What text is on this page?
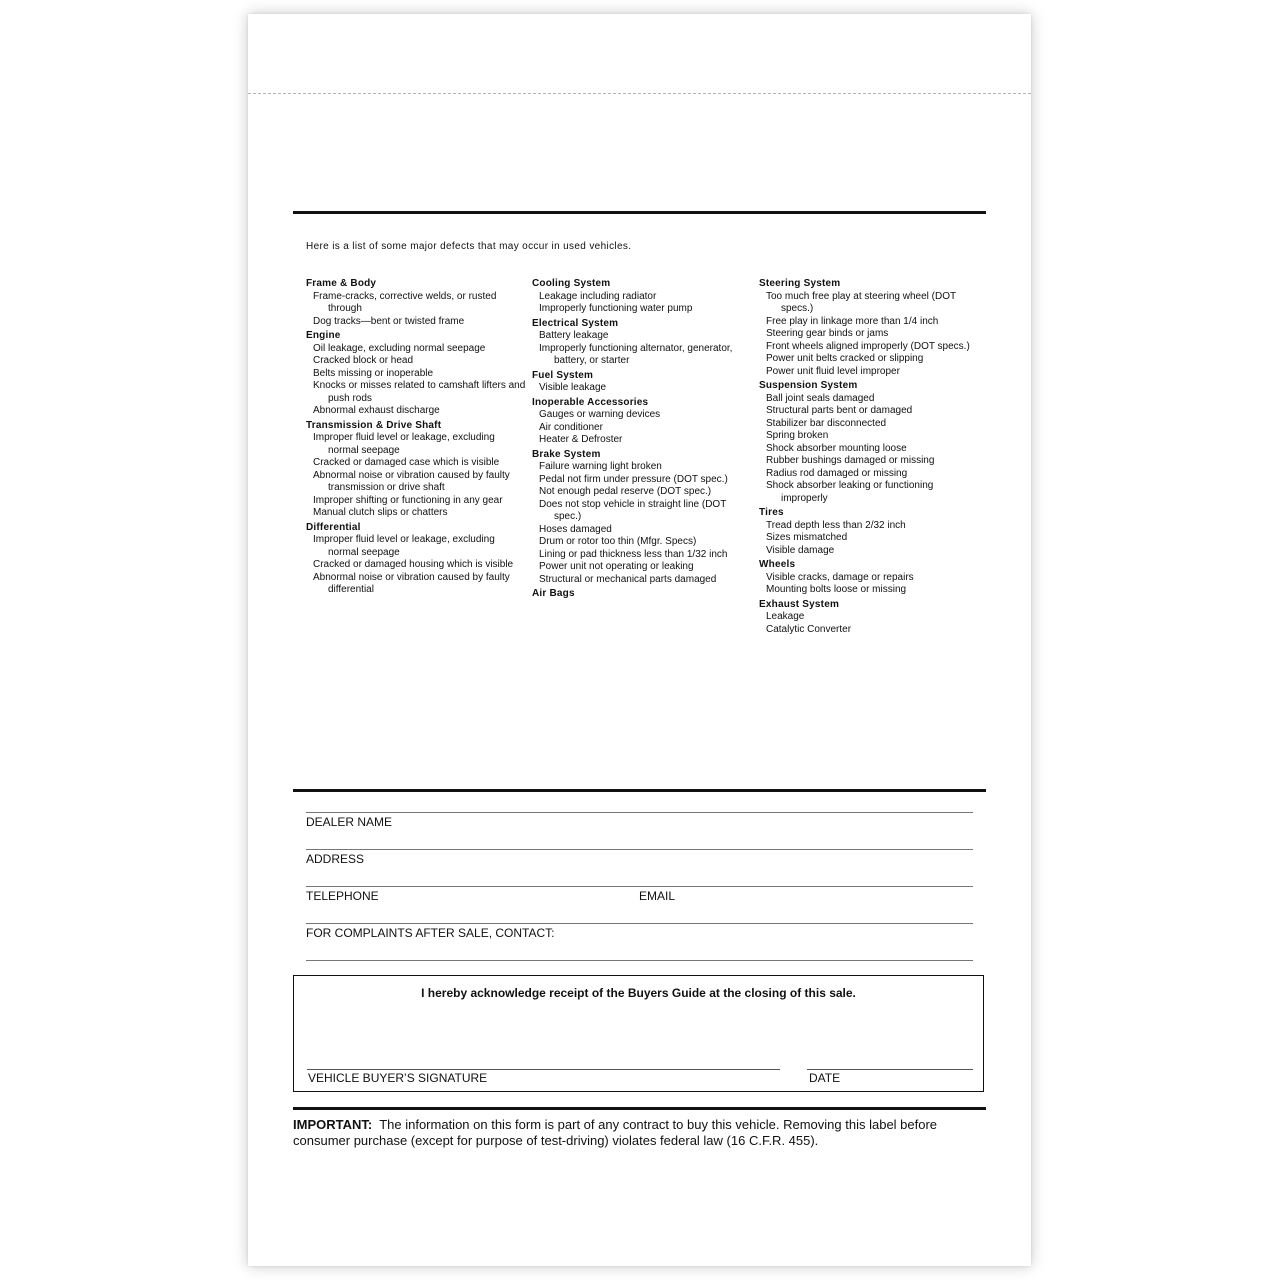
Here is a list of some major defects that may occur in used vehicles.

Frame & Body
Frame-cracks, corrective welds, or rusted through
Dog tracks—bent or twisted frame
Engine
Oil leakage, excluding normal seepage
Cracked block or head
Belts missing or inoperable
Knocks or misses related to camshaft lifters and push rods
Abnormal exhaust discharge
Transmission & Drive Shaft
Improper fluid level or leakage, excluding normal seepage
Cracked or damaged case which is visible
Abnormal noise or vibration caused by faulty transmission or drive shaft
Improper shifting or functioning in any gear
Manual clutch slips or chatters
Differential
Improper fluid level or leakage, excluding normal seepage
Cracked or damaged housing which is visible
Abnormal noise or vibration caused by faulty differential
Cooling System
Leakage including radiator
Improperly functioning water pump
Electrical System
Battery leakage
Improperly functioning alternator, generator, battery, or starter
Fuel System
Visible leakage
Inoperable Accessories
Gauges or warning devices
Air conditioner
Heater & Defroster
Brake System
Failure warning light broken
Pedal not firm under pressure (DOT spec.)
Not enough pedal reserve (DOT spec.)
Does not stop vehicle in straight line (DOT spec.)
Hoses damaged
Drum or rotor too thin (Mfgr. Specs)
Lining or pad thickness less than 1/32 inch
Power unit not operating or leaking
Structural or mechanical parts damaged
Air Bags
Steering System
Too much free play at steering wheel (DOT specs.)
Free play in linkage more than 1/4 inch
Steering gear binds or jams
Front wheels aligned improperly (DOT specs.)
Power unit belts cracked or slipping
Power unit fluid level improper
Suspension System
Ball joint seals damaged
Structural parts bent or damaged
Stabilizer bar disconnected
Spring broken
Shock absorber mounting loose
Rubber bushings damaged or missing
Radius rod damaged or missing
Shock absorber leaking or functioning improperly
Tires
Tread depth less than 2/32 inch
Sizes mismatched
Visible damage
Wheels
Visible cracks, damage or repairs
Mounting bolts loose or missing
Exhaust System
Leakage
Catalytic Converter

DEALER NAME

ADDRESS

TELEPHONE	EMAIL

FOR COMPLAINTS AFTER SALE, CONTACT:

I hereby acknowledge receipt of the Buyers Guide at the closing of this sale.

VEHICLE BUYER’S SIGNATURE	DATE

IMPORTANT: The information on this form is part of any contract to buy this vehicle. Removing this label before consumer purchase (except for purpose of test-driving) violates federal law (16 C.F.R. 455).
